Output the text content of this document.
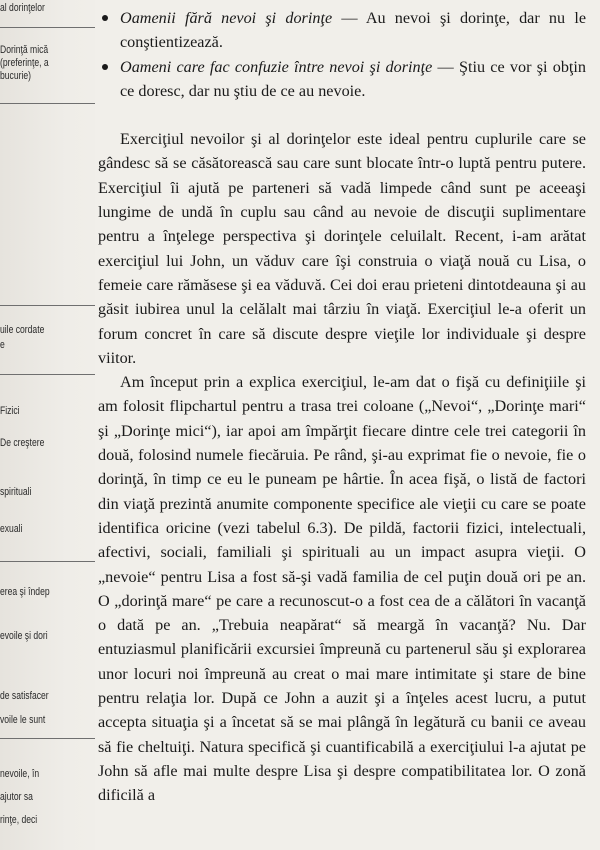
al dorinţelor
Dorinţă mică
(preferinţe, a
bucurie)
uile cordate
e
Fizici
De creştere
spirituali
exuali
erea şi îndep
evoile şi dori
de satisfacer
voile le sunt
nevoile, în
ajutor sa
rinţe, deci
Oamenii fără nevoi şi dorinţe — Au nevoi şi dorinţe, dar nu le conştientizează.
Oameni care fac confuzie între nevoi şi dorinţe — Ştiu ce vor şi obţin ce doresc, dar nu ştiu de ce au nevoie.

Exerciţiul nevoilor şi al dorinţelor este ideal pentru cuplurile care se gândesc să se căsătorească sau care sunt blocate într-o luptă pentru putere. Exerciţiul îi ajută pe parteneri să vadă limpede când sunt pe aceeaşi lungime de undă în cuplu sau când au nevoie de discuţii suplimentare pentru a înţelege perspectiva şi dorinţele celuilalt. Recent, i-am arătat exerciţiul lui John, un văduv care îşi construia o viaţă nouă cu Lisa, o femeie care rămăsese şi ea văduvă. Cei doi erau prieteni dintotdeauna şi au găsit iubirea unul la celălalt mai târziu în viaţă. Exerciţiul le-a oferit un forum concret în care să discute despre vieţile lor individuale şi despre viitor.

Am început prin a explica exerciţiul, le-am dat o fişă cu definiţiile şi am folosit flipchartul pentru a trasa trei coloane („Nevoi“, „Dorinţe mari“ şi „Dorinţe mici“), iar apoi am împărţit fiecare dintre cele trei categorii în două, folosind numele fiecăruia. Pe rând, şi-au exprimat fie o nevoie, fie o dorinţă, în timp ce eu le puneam pe hârtie. În acea fişă, o listă de factori din viaţă prezintă anumite componente specifice ale vieţii cu care se poate identifica oricine (vezi tabelul 6.3). De pildă, factorii fizici, intelectuali, afectivi, sociali, familiali şi spirituali au un impact asupra vieţii. O „nevoie“ pentru Lisa a fost să-şi vadă familia de cel puţin două ori pe an. O „dorinţă mare“ pe care a recunoscut-o a fost cea de a călători în vacanţă o dată pe an. „Trebuia neapărat“ să meargă în vacanţă? Nu. Dar entuziasmul planificării excursiei împreună cu partenerul său şi explorarea unor locuri noi împreună au creat o mai mare intimitate şi stare de bine pentru relaţia lor. După ce John a auzit şi a înţeles acest lucru, a putut accepta situaţia şi a încetat să se mai plângă în legătură cu banii ce aveau să fie cheltuiţi. Natura specifică şi cuantificabilă a exerciţiului l-a ajutat pe John să afle mai multe despre Lisa şi despre compatibilitatea lor. O zonă dificilă a
